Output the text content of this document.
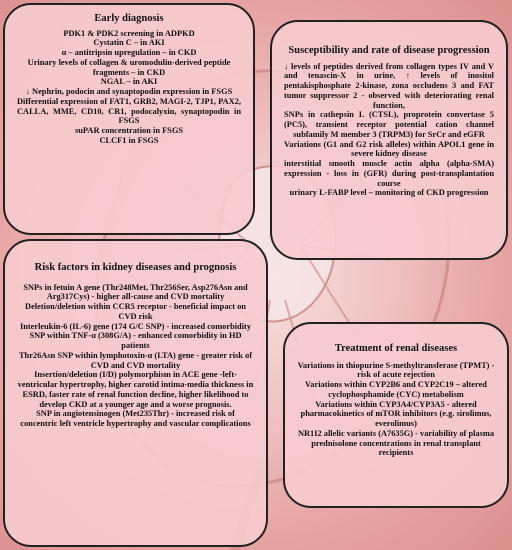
Early diagnosis

PDK1 & PDK2 screening in ADPKD

Cystatin C – in AKI

α – antitripsin upregulation – in CKD

Urinary levels of collagen & uromodulin-derived peptide fragments – in CKD

NGAL – in AKI

↓ Nephrin, podocin and synaptopodin expression in FSGS

Differential expression of FAT1, GRB2, MAGI-2, TJP1, PAX2, CALLA, MME, CD10, CR1, podocalyxin, synaptopodin in FSGS

suPAR concentration in FSGS

CLCF1 in FSGS

Susceptibility and rate of disease progression

↓ levels of peptides derived from collagen types IV and V and tenascin-X in urine, ↑ levels of inositol pentakisphosphate 2-kinase, zona occludens 3 and FAT tumor suppressor 2 - observed with deteriorating renal function,

SNPs in cathepsin L (CTSL), proprotein convertase 5 (PC5), transient receptor potential cation channel subfamily M member 3 (TRPM3) for SrCr and eGFR

Variations (G1 and G2 risk alleles) within APOL1 gene in severe kidney disease

interstitial smooth muscle actin alpha (alpha-SMA) expression - loss in (GFR) during post-transplantation course

urinary L-FABP level – monitoring of CKD progression

Risk factors in kidney diseases and prognosis

SNPs in fetuin A gene (Thr248Met, Thr256Ser, Asp276Asn and Arg317Cys) - higher all-cause and CVD mortality

Deletion/deletion within CCR5 receptor - beneficial impact on CVD risk

Interleukin-6 (IL-6) gene (174 G/C SNP) - increased comorbidity

SNP within TNF-α (308G/A) - enhanced comorbidity in HD patients

Thr26Asn SNP within lymphotoxin-α (LTA) gene - greater risk of CVD and CVD mortality

Insertion/deletion (I/D) polymorphism in ACE gene -left-ventricular hypertrophy, higher carotid intima-media thickness in ESRD, faster rate of renal function decline, higher likelihood to develop CKD at a younger age and a worse prognosis.

SNP in angiotensinogen (Met235Thr) - increased risk of concentric left ventricle hypertrophy and vascular complications

Treatment of renal diseases

Variations in thiopurine S-methyltransferase (TPMT) - risk of acute rejection

Variations within CYP2B6 and CYP2C19 – altered cyclophosphamide (CYC) metabolism

Variations within CYP3A4/CYP3A5 - altered pharmacokinetics of mTOR inhibitors (e.g. sirolimus, everolimus)

NR1I2 allelic variants (A7635G) - variability of plasma prednisolone concentrations in renal transplant recipients
